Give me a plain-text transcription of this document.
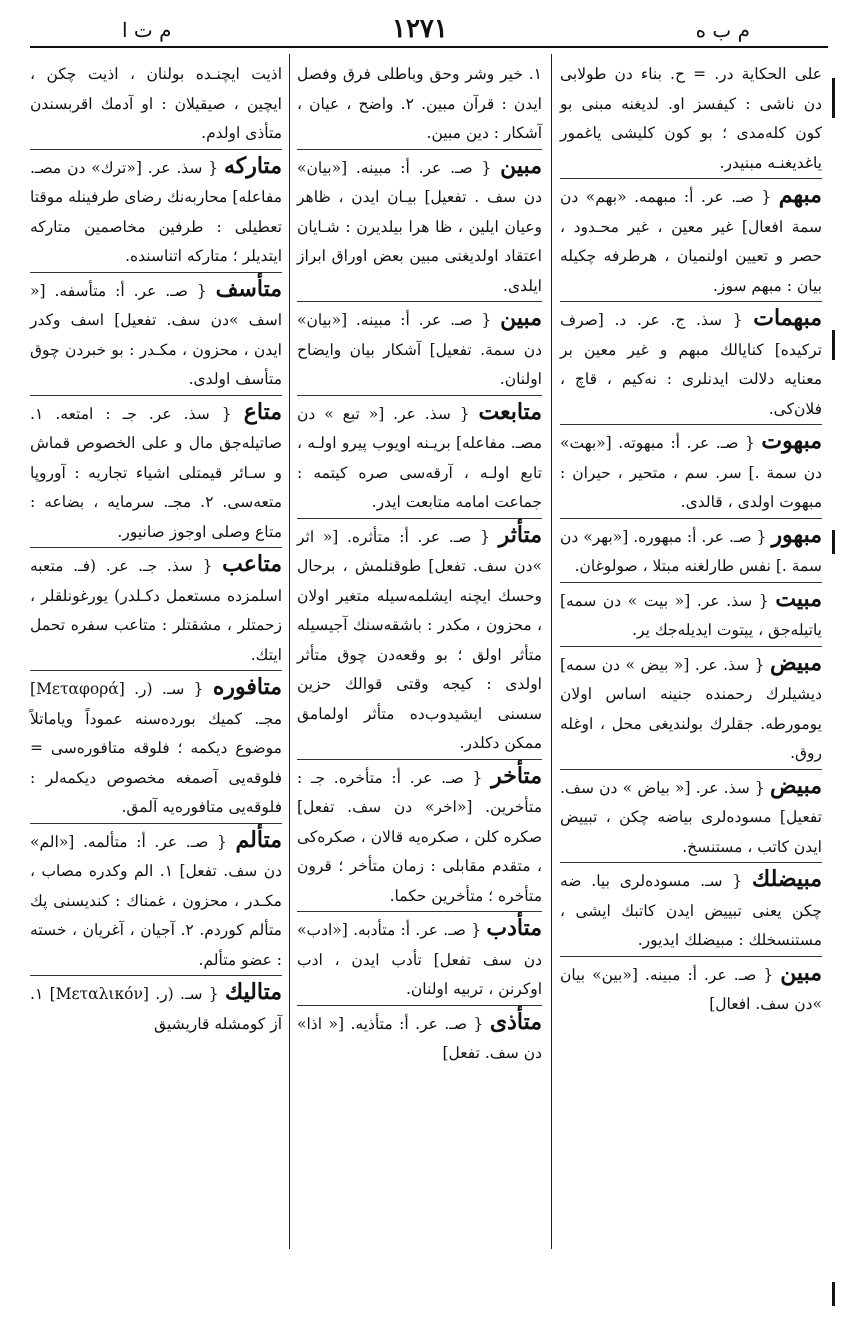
م ت ا	۱۲۷۱	م ب ه

على الحكاية در. = ح. بناء دن طولابى دن ناشى : كيفسز او. لديغنه مبنى بو كون كله‌مدى ؛ بو كون كليشى ياغمور ياغديغنـه مبنيدر.

مبهم { صـ. عر. أ: مبهمه. «بهم» دن سمة افعال] غير معين ، غير محـدود ، حصر و تعيين اولنميان ، هرطرفه چكيله بيان : مبهم سوز.

مبهمات { سذ. ج. عر. د. [صرف تركيده] كنايالك مبهم و غير معين بر معنايه دلالت ايدنلرى : نه‌كيم ، قاچ ، فلان‌كى.

مبهوت { صـ. عر. أ: مبهوته. [«بهت» دن سمة .] سر. سم ، متحير ، حيران : مبهوت اولدى ، قالدى.

مبهور { صـ. عر. أ: مبهوره. [«بهر» دن سمة .] نفس طارلغنه مبتلا ، صولوغان.

مبيت { سذ. عر. [« بيت » دن سمه] ياتيله‌جق ، ييتوت ايديله‌جك ير.

مبيض { سذ. عر. [« بيض » دن سمه] ديشيلرك رحمنده جنينه اساس اولان يومورطه. جقلرك بولنديغى محل ، اوغله روق.

مبيض { سذ. عر. [« بياض » دن سف. تفعيل] مسوده‌لرى بياضه چكن ، تبييض ايدن كاتب ، مستنسخ.

مبيضلك { سـ. مسوده‌لرى بيا. ضه چكن يعنى تبييض ايدن كاتبك ايشى ، مستنسخلك : مبيضلك ايديور.

مبين { صـ. عر. أ: مبينه. [«بين» بيان »دن سف. افعال]

۱. خير وشر وحق وباطلى فرق وفصل ايدن : قرآن مبين. ۲. واضح ، عيان ، آشكار : دين مبين.

مبين { صـ. عر. أ: مبينه. [«بيان» دن سف . تفعيل] بيـان ايدن ، ظاهر وعيان ايلين ، ظا هرا بيلديرن : شـايان اعتقاد اولديغنى مبين بعض اوراق ابراز ايلدى.

مبين { صـ. عر. أ: مبينه. [«بيان» دن سمة. تفعيل] آشكار بيان وايضاح اولنان.

متابعت { سذ. عر. [« تبع » دن مصـ. مفاعله] بريـنه اويوب پيرو اولـه ، تابع اولـه ، آرقه‌سى صره كيتمه : جماعت امامه متابعت ايدر.

متأثر { صـ. عر. أ: متأثره. [« اثر »دن سف. تفعل] طوقنلمش ، برحال وحسك ايچنه ايشلمه‌سيله متغير اولان ، محزون ، مكدر : باشقه‌سنك آجيسيله متأثر اولق ؛ بو وقعه‌دن چوق متأثر اولدى : كيجه وقتى قوالك حزين سسنى ايشيدوب‌ده متأثر اولمامق ممكن دكلدر.

متأخر { صـ. عر. أ: متأخره. جـ : متأخرين. [«اخر» دن سف. تفعل] صكره كلن ، صكره‌يه قالان ، صكره‌كى ، متقدم مقابلى : زمان متأخر ؛ قرون متأخره ؛ متأخرين حكما.

متأدب { صـ. عر. أ: متأدبه. [«ادب» دن سف تفعل] تأدب ايدن ، ادب اوكرنن ، تربيه اولنان.

متأذى { صـ. عر. أ: متأذيه. [« اذا» دن سف. تفعل]

اذيت ايچنـده بولنان ، اذيت چكن ، ايچين ، صيقيلان : او آدمك اقربسندن متأذى اولدم.

متاركه { سذ. عر. [«ترك» دن مصـ. مفاعله] محاربه‌نك رضاى طرفينله موقتا تعطيلى : طرفين مخاصمين متاركه ايتديلر ؛ متاركه اتناسنده.

متأسف { صـ. عر. أ: متأسفه. [« اسف »دن سف. تفعيل] اسف وكدر ايدن ، محزون ، مكـدر : بو خبردن چوق متأسف اولدى.

متاع { سذ. عر. جـ : امتعه. ۱. صاتيله‌جق مال و على الخصوص قماش و سـائر قيمتلى اشياء تجاريه : آوروپا متعه‌سى. ۲. مجـ. سرمايه ، بضاعه : متاع وصلى اوجوز صانيور.

متاعب { سذ. جـ. عر. (فـ. متعبه اسلمزده مستعمل دكـلدر) يورغونلقلر ، زحمتلر ، مشقتلر : متاعب سفره تحمل ايتك.

متافوره { سـ. (ر. [Μεταφορά] مجـ. كميك بورده‌سنه عموداً وياماتلاً موضوع ديكمه ؛ فلوقه متافوره‌سى = فلوقه‌يى آصمغه مخصوص ديكمه‌لر : فلوقه‌يى متافوره‌يه آلمق.

متألم { صـ. عر. أ: متألمه. [«الم» دن سف. تفعل] ۱. الم وكدره مصاب ، مكـدر ، محزون ، غمناك : كنديسنى پك متألم كوردم. ۲. آجيان ، آغريان ، خسته : عضو متألم.

متاليك { سـ. (ر. [Μεταλικόν] ۱. آز كومشله قاريشيق
